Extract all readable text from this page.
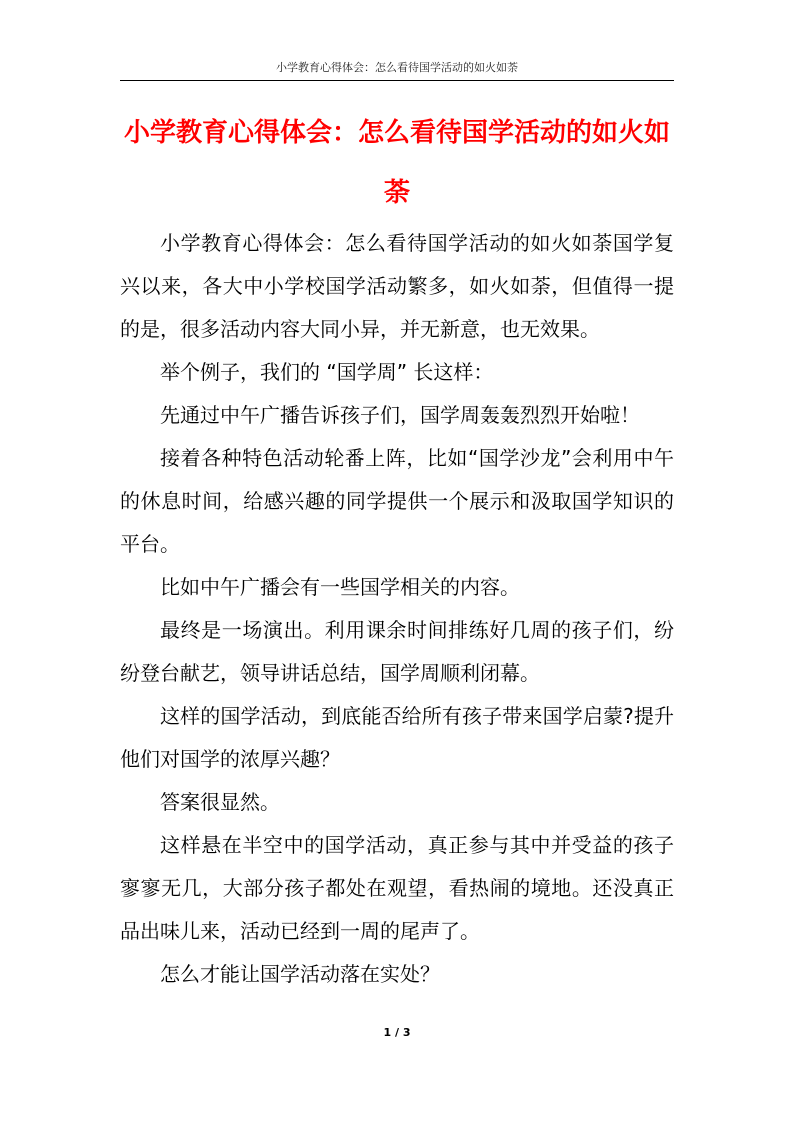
小学教育心得体会：怎么看待国学活动的如火如荼
小学教育心得体会：怎么看待国学活动的如火如荼

小学教育心得体会：怎么看待国学活动的如火如荼国学复兴以来，各大中小学校国学活动繁多，如火如荼，但值得一提的是，很多活动内容大同小异，并无新意，也无效果。

举个例子，我们的 “国学周” 长这样：

先通过中午广播告诉孩子们，国学周轰轰烈烈开始啦！

接着各种特色活动轮番上阵，比如“国学沙龙”会利用中午的休息时间，给感兴趣的同学提供一个展示和汲取国学知识的平台。

比如中午广播会有一些国学相关的内容。

最终是一场演出。利用课余时间排练好几周的孩子们，纷纷登台献艺，领导讲话总结，国学周顺利闭幕。

这样的国学活动，到底能否给所有孩子带来国学启蒙?提升他们对国学的浓厚兴趣？

答案很显然。

这样悬在半空中的国学活动，真正参与其中并受益的孩子寥寥无几，大部分孩子都处在观望，看热闹的境地。还没真正品出味儿来，活动已经到一周的尾声了。

怎么才能让国学活动落在实处？

1 / 3
